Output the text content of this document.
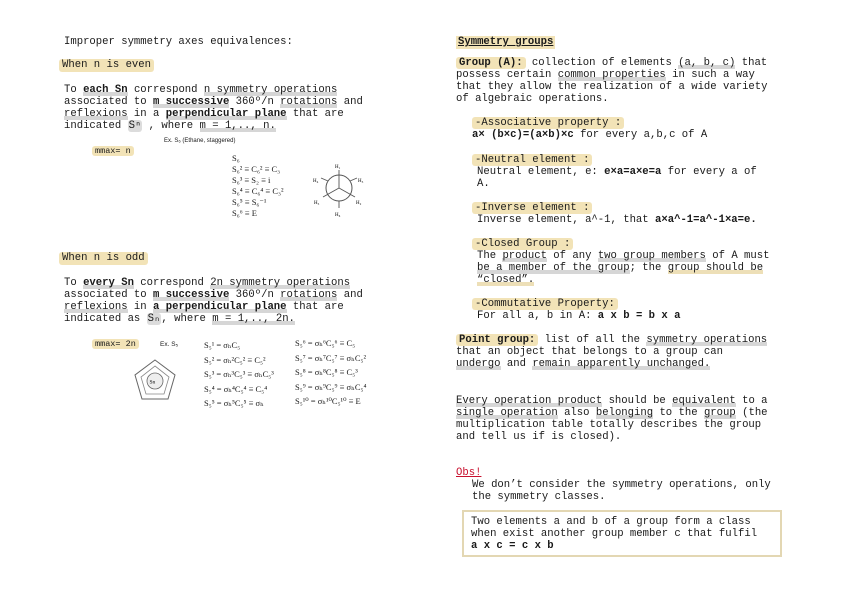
Improper symmetry axes equivalences:
When n is even
To each Sn correspond n symmetry operations
associated to m successive 360º/n rotations and
reflexions in a perpendicular plane that are
indicated Sⁿ , where m = 1,.., n.
mmax= n
Ex. S₆ (Ethane, staggered)
S₆
S₆² ≡ C₆² ≡ C₃
S₆³ ≡ S₂ ≡ i
S₆⁴ ≡ C₆⁴ ≡ C₃²
S₆⁵ ≡ S₆⁻¹
S₆⁶ ≡ E
H₁
H₃
H₄
H₂
H₅
H₆
When n is odd
To every Sn correspond 2n symmetry operations
associated to m successive 360º/n rotations and
reflexions in a perpendicular plane that are
indicated as Sₙ, where m = 1,.., 2n.
mmax= 2n	Ex. S₅
Sn
S₅¹ = σₕC₅
S₅² = σₕ²C₅² ≡ C₅²
S₅³ = σₕ³C₅³ ≡ σₕC₅³
S₅⁴ = σₕ⁴C₅⁴ ≡ C₅⁴
S₅⁵ = σₕ⁵C₅⁵ ≡ σₕ
S₅⁶ = σₕ⁶C₅⁶ ≡ C₅
S₅⁷ = σₕ⁷C₅⁷ ≡ σₕC₅²
S₅⁸ = σₕ⁸C₅⁸ ≡ C₅³
S₅⁹ = σₕ⁹C₅⁹ ≡ σₕC₅⁴
S₅¹⁰ = σₕ¹⁰C₅¹⁰ ≡ E
Symmetry groups
Group (A): collection of elements (a, b, c) that
possess certain common properties in such a way
that they allow the realization of a wide variety
of algebraic operations.
-Associative property :
a× (b×c)=(a×b)×c for every a,b,c of A
-Neutral element :
Neutral element, e: e×a=a×e=a for every a of
A.
-Inverse element :
Inverse element, a^-1, that a×a^-1=a^-1×a=e.
-Closed Group :
The product of any two group members of A must
be a member of the group; the group should be
“closed”.
-Commutative Property:
For all a, b in A: a x b = b x a
Point group: list of all the symmetry operations
that an object that belongs to a group can
undergo and remain apparently unchanged.
Every operation product should be equivalent to a
single operation also belonging to the group (the
multiplication table totally describes the group
and tell us if is closed).
Obs!
We don’t consider the symmetry operations, only
the symmetry classes.
Two elements a and b of a group form a class
when exist another group member c that fulfil
a x c = c x b
